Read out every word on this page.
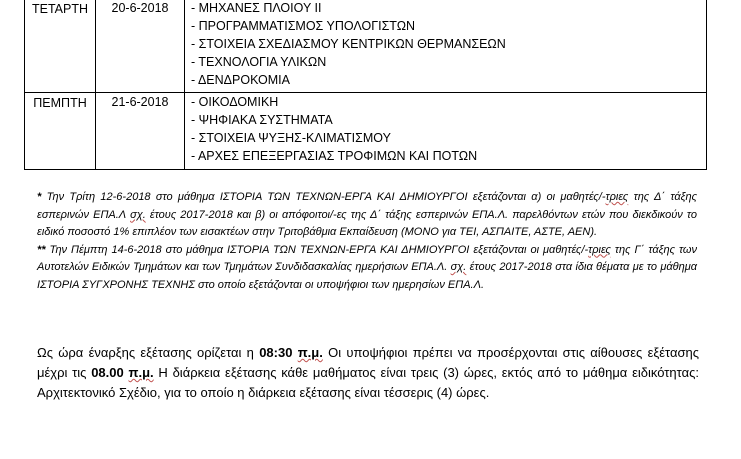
ΤΕΤΑΡΤΗ	20-6-2018	- ΜΗΧΑΝΕΣ ΠΛΟΙΟΥ ΙΙ
- ΠΡΟΓΡΑΜΜΑΤΙΣΜΟΣ ΥΠΟΛΟΓΙΣΤΩΝ
- ΣΤΟΙΧΕΙΑ ΣΧΕΔΙΑΣΜΟΥ ΚΕΝΤΡΙΚΩΝ ΘΕΡΜΑΝΣΕΩΝ
- ΤΕΧΝΟΛΟΓΙΑ ΥΛΙΚΩΝ
- ΔΕΝΔΡΟΚΟΜΙΑ

ΠΕΜΠΤΗ	21-6-2018	- ΟΙΚΟΔΟΜΙΚΗ
- ΨΗΦΙΑΚΑ ΣΥΣΤΗΜΑΤΑ
- ΣΤΟΙΧΕΙΑ ΨΥΞΗΣ-ΚΛΙΜΑΤΙΣΜΟΥ
- ΑΡΧΕΣ ΕΠΕΞΕΡΓΑΣΙΑΣ ΤΡΟΦΙΜΩΝ ΚΑΙ ΠΟΤΩΝ

* Την Τρίτη 12-6-2018 στο μάθημα ΙΣΤΟΡΙΑ ΤΩΝ ΤΕΧΝΩΝ-ΕΡΓΑ ΚΑΙ ΔΗΜΙΟΥΡΓΟΙ εξετάζονται α) οι μαθητές/-τριες της Δ΄ τάξης εσπερινών ΕΠΑ.Λ σχ. έτους 2017-2018 και β) οι απόφοιτοι/-ες της Δ΄ τάξης εσπερινών ΕΠΑ.Λ. παρελθόντων ετών που διεκδικούν το ειδικό ποσοστό 1% επιπλέον των εισακτέων στην Τριτοβάθμια Εκπαίδευση (ΜΟΝΟ για ΤΕΙ, ΑΣΠΑΙΤΕ, ΑΣΤΕ, ΑΕΝ).

** Την Πέμπτη 14-6-2018 στο μάθημα ΙΣΤΟΡΙΑ ΤΩΝ ΤΕΧΝΩΝ-ΕΡΓΑ ΚΑΙ ΔΗΜΙΟΥΡΓΟΙ εξετάζονται οι μαθητές/-τριες της Γ΄ τάξης των Αυτοτελών Ειδικών Τμημάτων και των Τμημάτων Συνδιδασκαλίας ημερήσιων ΕΠΑ.Λ. σχ. έτους 2017-2018 στα ίδια θέματα με το μάθημα ΙΣΤΟΡΙΑ ΣΥΓΧΡΟΝΗΣ ΤΕΧΝΗΣ στο οποίο εξετάζονται οι υποψήφιοι των ημερησίων ΕΠΑ.Λ.

Ως ώρα έναρξης εξέτασης ορίζεται η 08:30 π.μ. Οι υποψήφιοι πρέπει να προσέρχονται στις αίθουσες εξέτασης μέχρι τις 08.00 π.μ. Η διάρκεια εξέτασης κάθε μαθήματος είναι τρεις (3) ώρες, εκτός από το μάθημα ειδικότητας: Αρχιτεκτονικό Σχέδιο, για το οποίο η διάρκεια εξέτασης είναι τέσσερις (4) ώρες.
